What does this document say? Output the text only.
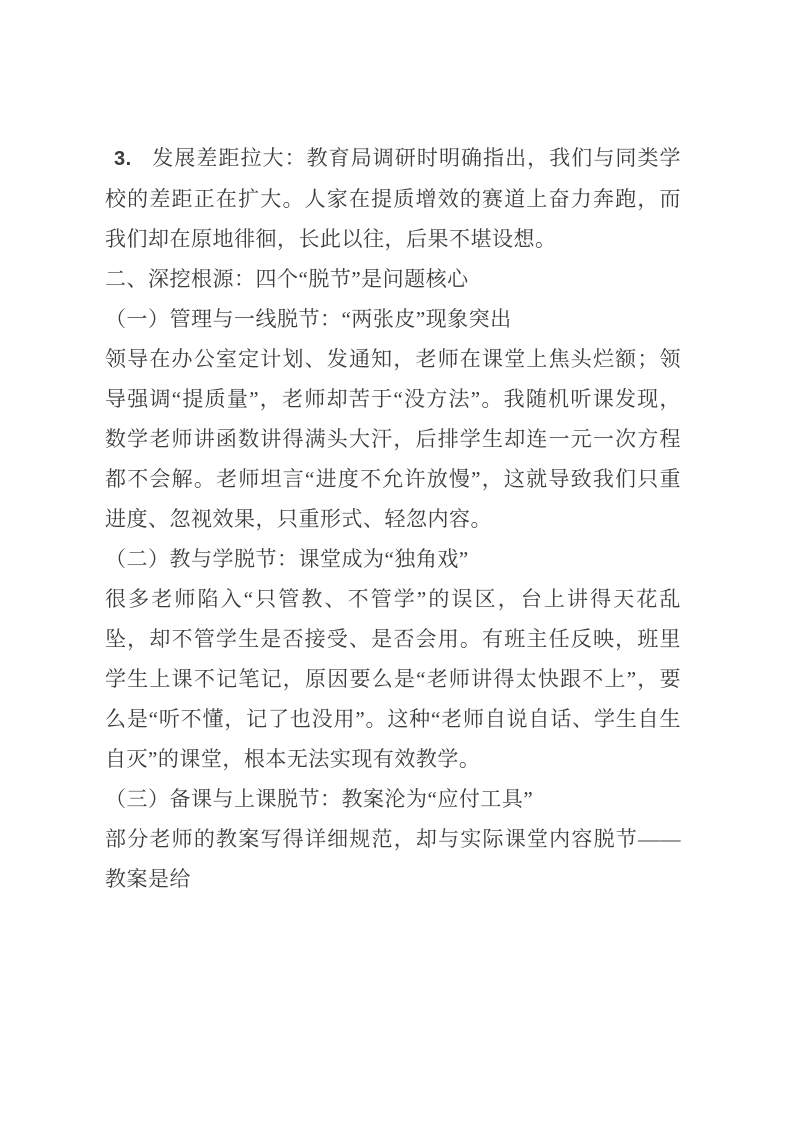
3. 发展差距拉大：教育局调研时明确指出，我们与同类学校的差距正在扩大。人家在提质增效的赛道上奋力奔跑，而我们却在原地徘徊，长此以往，后果不堪设想。

二、深挖根源：四个“脱节”是问题核心
（一）管理与一线脱节：“两张皮”现象突出

领导在办公室定计划、发通知，老师在课堂上焦头烂额；领导强调“提质量”，老师却苦于“没方法”。我随机听课发现，数学老师讲函数讲得满头大汗，后排学生却连一元一次方程都不会解。老师坦言“进度不允许放慢”，这就导致我们只重进度、忽视效果，只重形式、轻忽内容。

（二）教与学脱节：课堂成为“独角戏”

很多老师陷入“只管教、不管学”的误区，台上讲得天花乱坠，却不管学生是否接受、是否会用。有班主任反映，班里学生上课不记笔记，原因要么是“老师讲得太快跟不上”，要么是“听不懂，记了也没用”。这种“老师自说自话、学生自生自灭”的课堂，根本无法实现有效教学。

（三）备课与上课脱节：教案沦为“应付工具”

部分老师的教案写得详细规范，却与实际课堂内容脱节——教案是给
